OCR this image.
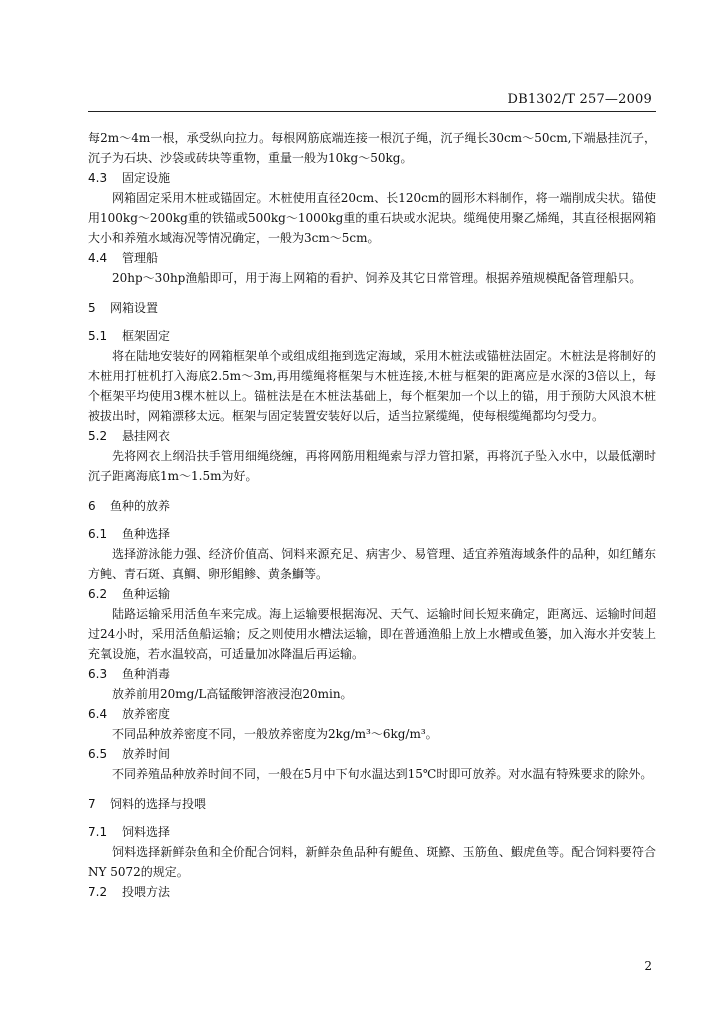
DB1302/T 257—2009

每2m～4m一根，承受纵向拉力。每根网筋底端连接一根沉子绳，沉子绳长30cm～50cm,下端悬挂沉子，沉子为石块、沙袋或砖块等重物，重量一般为10kg～50kg。

4.3 固定设施

网箱固定采用木桩或锚固定。木桩使用直径20cm、长120cm的圆形木料制作，将一端削成尖状。锚使用100kg～200kg重的铁锚或500kg～1000kg重的重石块或水泥块。缆绳使用聚乙烯绳，其直径根据网箱大小和养殖水域海况等情况确定，一般为3cm～5cm。

4.4 管理船

20hp～30hp渔船即可，用于海上网箱的看护、饲养及其它日常管理。根据养殖规模配备管理船只。

5 网箱设置
5.1 框架固定

将在陆地安装好的网箱框架单个或组成组拖到选定海域，采用木桩法或锚桩法固定。木桩法是将制好的木桩用打桩机打入海底2.5m～3m,再用缆绳将框架与木桩连接,木桩与框架的距离应是水深的3倍以上，每个框架平均使用3棵木桩以上。锚桩法是在木桩法基础上，每个框架加一个以上的锚，用于预防大风浪木桩被拔出时，网箱漂移太远。框架与固定装置安装好以后，适当拉紧缆绳，使每根缆绳都均匀受力。

5.2 悬挂网衣

先将网衣上纲沿扶手管用细绳绕缠，再将网筋用粗绳索与浮力管扣紧，再将沉子坠入水中，以最低潮时沉子距离海底1m～1.5m为好。

6 鱼种的放养
6.1 鱼种选择

选择游泳能力强、经济价值高、饲料来源充足、病害少、易管理、适宜养殖海域条件的品种，如红鳍东方鲀、青石斑、真鲷、卵形鲳鲹、黄条鰤等。

6.2 鱼种运输

陆路运输采用活鱼车来完成。海上运输要根据海况、天气、运输时间长短来确定，距离远、运输时间超过24小时，采用活鱼船运输；反之则使用水槽法运输，即在普通渔船上放上水槽或鱼篓，加入海水并安装上充氧设施，若水温较高，可适量加冰降温后再运输。

6.3 鱼种消毒

放养前用20mg/L高锰酸钾溶液浸泡20min。

6.4 放养密度

不同品种放养密度不同，一般放养密度为2kg/m³～6kg/m³。

6.5 放养时间

不同养殖品种放养时间不同，一般在5月中下旬水温达到15℃时即可放养。对水温有特殊要求的除外。

7 饲料的选择与投喂
7.1 饲料选择

饲料选择新鲜杂鱼和全价配合饲料，新鲜杂鱼品种有鳀鱼、斑鰶、玉筋鱼、鰕虎鱼等。配合饲料要符合NY 5072的规定。

7.2 投喂方法
2
